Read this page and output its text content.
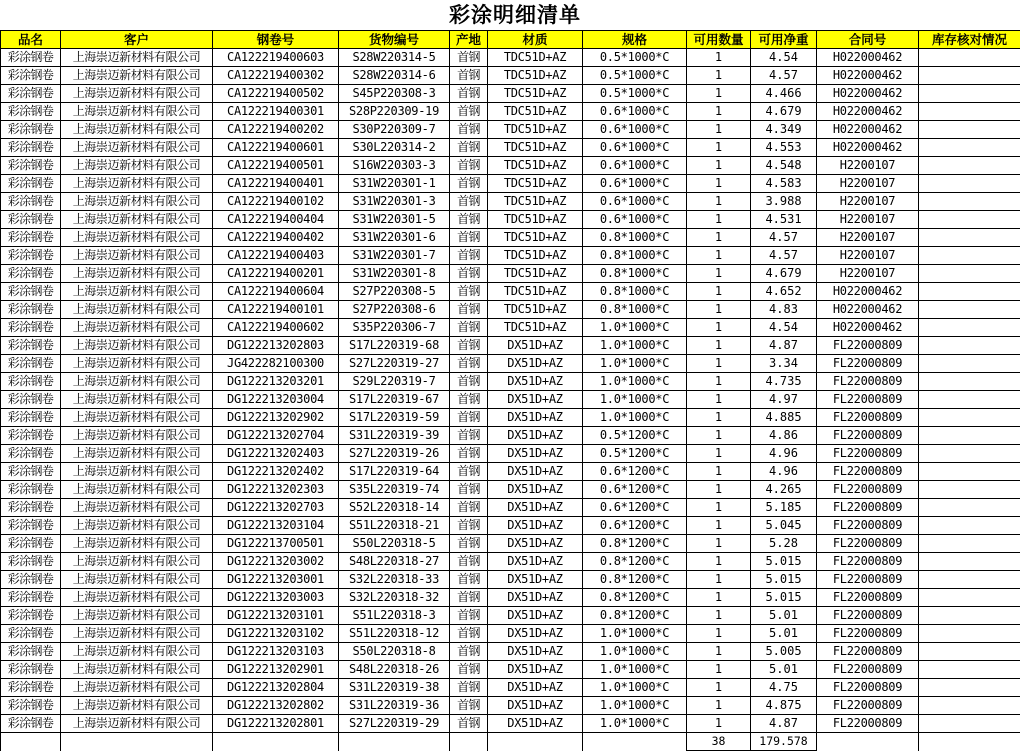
彩涂明细清单
品名	客户	钢卷号	货物编号	产地	材质	规格	可用数量	可用净重	合同号	库存核对情况
彩涂钢卷	上海崇迈新材料有限公司	CA122219400603	S28W220314-5	首钢	TDC51D+AZ	0.5*1000*C	1	4.54	H022000462	
彩涂钢卷	上海崇迈新材料有限公司	CA122219400302	S28W220314-6	首钢	TDC51D+AZ	0.5*1000*C	1	4.57	H022000462	
彩涂钢卷	上海崇迈新材料有限公司	CA122219400502	S45P220308-3	首钢	TDC51D+AZ	0.5*1000*C	1	4.466	H022000462	
彩涂钢卷	上海崇迈新材料有限公司	CA122219400301	S28P220309-19	首钢	TDC51D+AZ	0.6*1000*C	1	4.679	H022000462	
彩涂钢卷	上海崇迈新材料有限公司	CA122219400202	S30P220309-7	首钢	TDC51D+AZ	0.6*1000*C	1	4.349	H022000462	
彩涂钢卷	上海崇迈新材料有限公司	CA122219400601	S30L220314-2	首钢	TDC51D+AZ	0.6*1000*C	1	4.553	H022000462	
彩涂钢卷	上海崇迈新材料有限公司	CA122219400501	S16W220303-3	首钢	TDC51D+AZ	0.6*1000*C	1	4.548	H2200107	
彩涂钢卷	上海崇迈新材料有限公司	CA122219400401	S31W220301-1	首钢	TDC51D+AZ	0.6*1000*C	1	4.583	H2200107	
彩涂钢卷	上海崇迈新材料有限公司	CA122219400102	S31W220301-3	首钢	TDC51D+AZ	0.6*1000*C	1	3.988	H2200107	
彩涂钢卷	上海崇迈新材料有限公司	CA122219400404	S31W220301-5	首钢	TDC51D+AZ	0.6*1000*C	1	4.531	H2200107	
彩涂钢卷	上海崇迈新材料有限公司	CA122219400402	S31W220301-6	首钢	TDC51D+AZ	0.8*1000*C	1	4.57	H2200107	
彩涂钢卷	上海崇迈新材料有限公司	CA122219400403	S31W220301-7	首钢	TDC51D+AZ	0.8*1000*C	1	4.57	H2200107	
彩涂钢卷	上海崇迈新材料有限公司	CA122219400201	S31W220301-8	首钢	TDC51D+AZ	0.8*1000*C	1	4.679	H2200107	
彩涂钢卷	上海崇迈新材料有限公司	CA122219400604	S27P220308-5	首钢	TDC51D+AZ	0.8*1000*C	1	4.652	H022000462	
彩涂钢卷	上海崇迈新材料有限公司	CA122219400101	S27P220308-6	首钢	TDC51D+AZ	0.8*1000*C	1	4.83	H022000462	
彩涂钢卷	上海崇迈新材料有限公司	CA122219400602	S35P220306-7	首钢	TDC51D+AZ	1.0*1000*C	1	4.54	H022000462	
彩涂钢卷	上海崇迈新材料有限公司	DG122213202803	S17L220319-68	首钢	DX51D+AZ	1.0*1000*C	1	4.87	FL22000809	
彩涂钢卷	上海崇迈新材料有限公司	JG422282100300	S27L220319-27	首钢	DX51D+AZ	1.0*1000*C	1	3.34	FL22000809	
彩涂钢卷	上海崇迈新材料有限公司	DG122213203201	S29L220319-7	首钢	DX51D+AZ	1.0*1000*C	1	4.735	FL22000809	
彩涂钢卷	上海崇迈新材料有限公司	DG122213203004	S17L220319-67	首钢	DX51D+AZ	1.0*1000*C	1	4.97	FL22000809	
彩涂钢卷	上海崇迈新材料有限公司	DG122213202902	S17L220319-59	首钢	DX51D+AZ	1.0*1000*C	1	4.885	FL22000809	
彩涂钢卷	上海崇迈新材料有限公司	DG122213202704	S31L220319-39	首钢	DX51D+AZ	0.5*1200*C	1	4.86	FL22000809	
彩涂钢卷	上海崇迈新材料有限公司	DG122213202403	S27L220319-26	首钢	DX51D+AZ	0.5*1200*C	1	4.96	FL22000809	
彩涂钢卷	上海崇迈新材料有限公司	DG122213202402	S17L220319-64	首钢	DX51D+AZ	0.6*1200*C	1	4.96	FL22000809	
彩涂钢卷	上海崇迈新材料有限公司	DG122213202303	S35L220319-74	首钢	DX51D+AZ	0.6*1200*C	1	4.265	FL22000809	
彩涂钢卷	上海崇迈新材料有限公司	DG122213202703	S52L220318-14	首钢	DX51D+AZ	0.6*1200*C	1	5.185	FL22000809	
彩涂钢卷	上海崇迈新材料有限公司	DG122213203104	S51L220318-21	首钢	DX51D+AZ	0.6*1200*C	1	5.045	FL22000809	
彩涂钢卷	上海崇迈新材料有限公司	DG122213700501	S50L220318-5	首钢	DX51D+AZ	0.8*1200*C	1	5.28	FL22000809	
彩涂钢卷	上海崇迈新材料有限公司	DG122213203002	S48L220318-27	首钢	DX51D+AZ	0.8*1200*C	1	5.015	FL22000809	
彩涂钢卷	上海崇迈新材料有限公司	DG122213203001	S32L220318-33	首钢	DX51D+AZ	0.8*1200*C	1	5.015	FL22000809	
彩涂钢卷	上海崇迈新材料有限公司	DG122213203003	S32L220318-32	首钢	DX51D+AZ	0.8*1200*C	1	5.015	FL22000809	
彩涂钢卷	上海崇迈新材料有限公司	DG122213203101	S51L220318-3	首钢	DX51D+AZ	0.8*1200*C	1	5.01	FL22000809	
彩涂钢卷	上海崇迈新材料有限公司	DG122213203102	S51L220318-12	首钢	DX51D+AZ	1.0*1000*C	1	5.01	FL22000809	
彩涂钢卷	上海崇迈新材料有限公司	DG122213203103	S50L220318-8	首钢	DX51D+AZ	1.0*1000*C	1	5.005	FL22000809	
彩涂钢卷	上海崇迈新材料有限公司	DG122213202901	S48L220318-26	首钢	DX51D+AZ	1.0*1000*C	1	5.01	FL22000809	
彩涂钢卷	上海崇迈新材料有限公司	DG122213202804	S31L220319-38	首钢	DX51D+AZ	1.0*1000*C	1	4.75	FL22000809	
彩涂钢卷	上海崇迈新材料有限公司	DG122213202802	S31L220319-36	首钢	DX51D+AZ	1.0*1000*C	1	4.875	FL22000809	
彩涂钢卷	上海崇迈新材料有限公司	DG122213202801	S27L220319-29	首钢	DX51D+AZ	1.0*1000*C	1	4.87	FL22000809	
							38	179.578		
